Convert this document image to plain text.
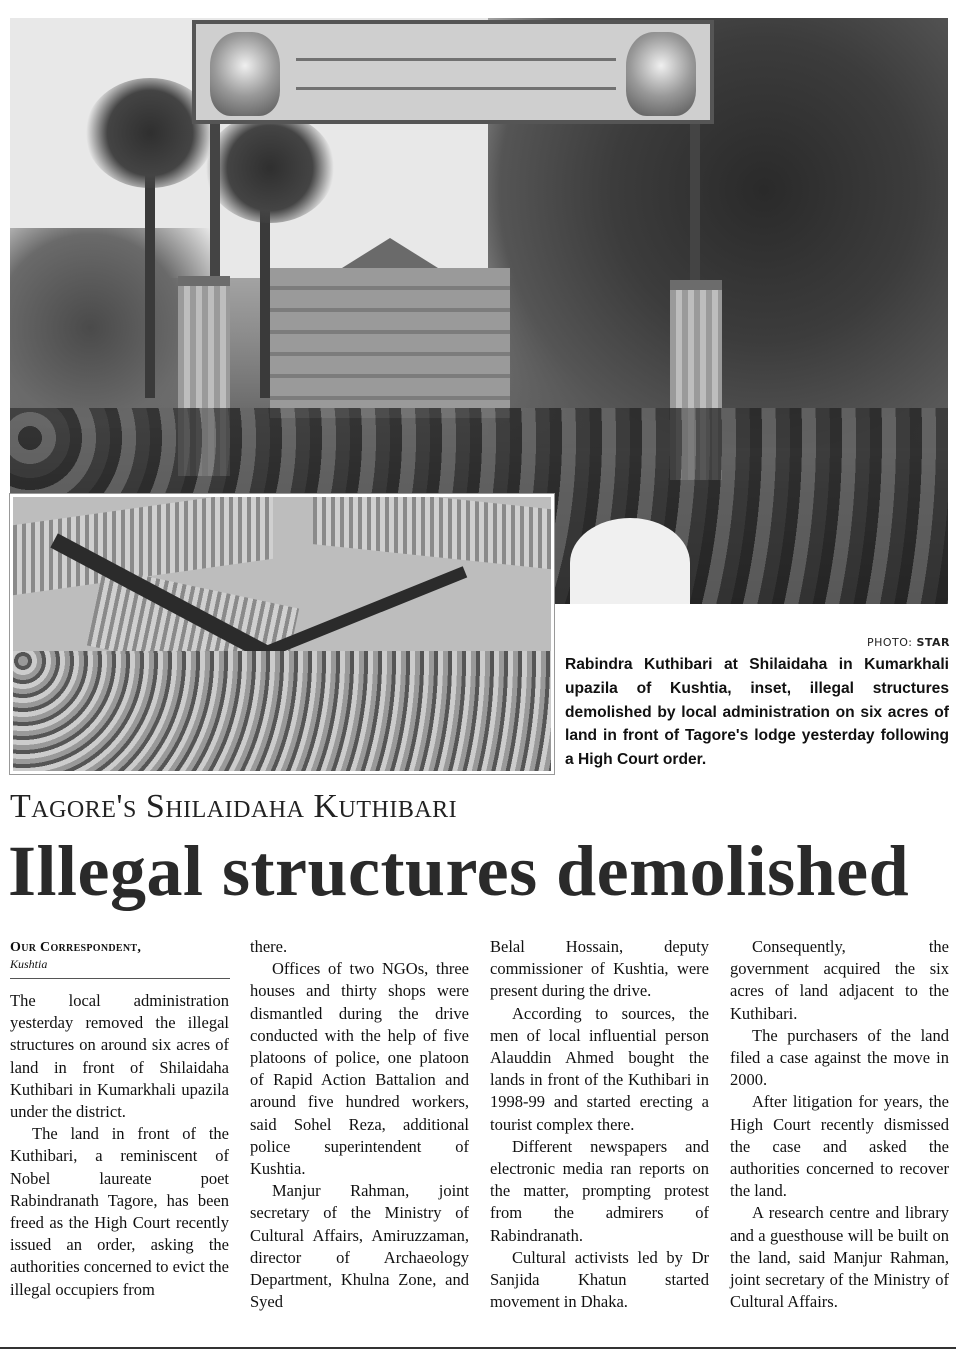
PHOTO: STAR
Rabindra Kuthibari at Shilaidaha in Kumarkhali upazila of Kushtia, inset, illegal structures demolished by local administration on six acres of land in front of Tagore's lodge yesterday following a High Court order.
Tagore's Shilaidaha Kuthibari
Illegal structures demolished
Our Correspondent,
Kushtia

The local administration yesterday removed the illegal structures on around six acres of land in front of Shilaidaha Kuthibari in Kumarkhali upazila under the district.

The land in front of the Kuthibari, a reminiscent of Nobel laureate poet Rabindranath Tagore, has been freed as the High Court recently issued an order, asking the authorities concerned to evict the illegal occupiers from

there.

Offices of two NGOs, three houses and thirty shops were dismantled during the drive conducted with the help of five platoons of police, one platoon of Rapid Action Battalion and around five hundred workers, said Sohel Reza, additional police superintendent of Kushtia.

Manjur Rahman, joint secretary of the Ministry of Cultural Affairs, Amiruzzaman, director of Archaeology Department, Khulna Zone, and Syed

Belal Hossain, deputy commissioner of Kushtia, were present during the drive.

According to sources, the men of local influential person Alauddin Ahmed bought the lands in front of the Kuthibari in 1998-99 and started erecting a tourist complex there.

Different newspapers and electronic media ran reports on the matter, prompting protest from the admirers of Rabindranath.

Cultural activists led by Dr Sanjida Khatun started movement in Dhaka.

Consequently, the government acquired the six acres of land adjacent to the Kuthibari.

The purchasers of the land filed a case against the move in 2000.

After litigation for years, the High Court recently dismissed the case and asked the authorities concerned to recover the land.

A research centre and library and a guesthouse will be built on the land, said Manjur Rahman, joint secretary of the Ministry of Cultural Affairs.
